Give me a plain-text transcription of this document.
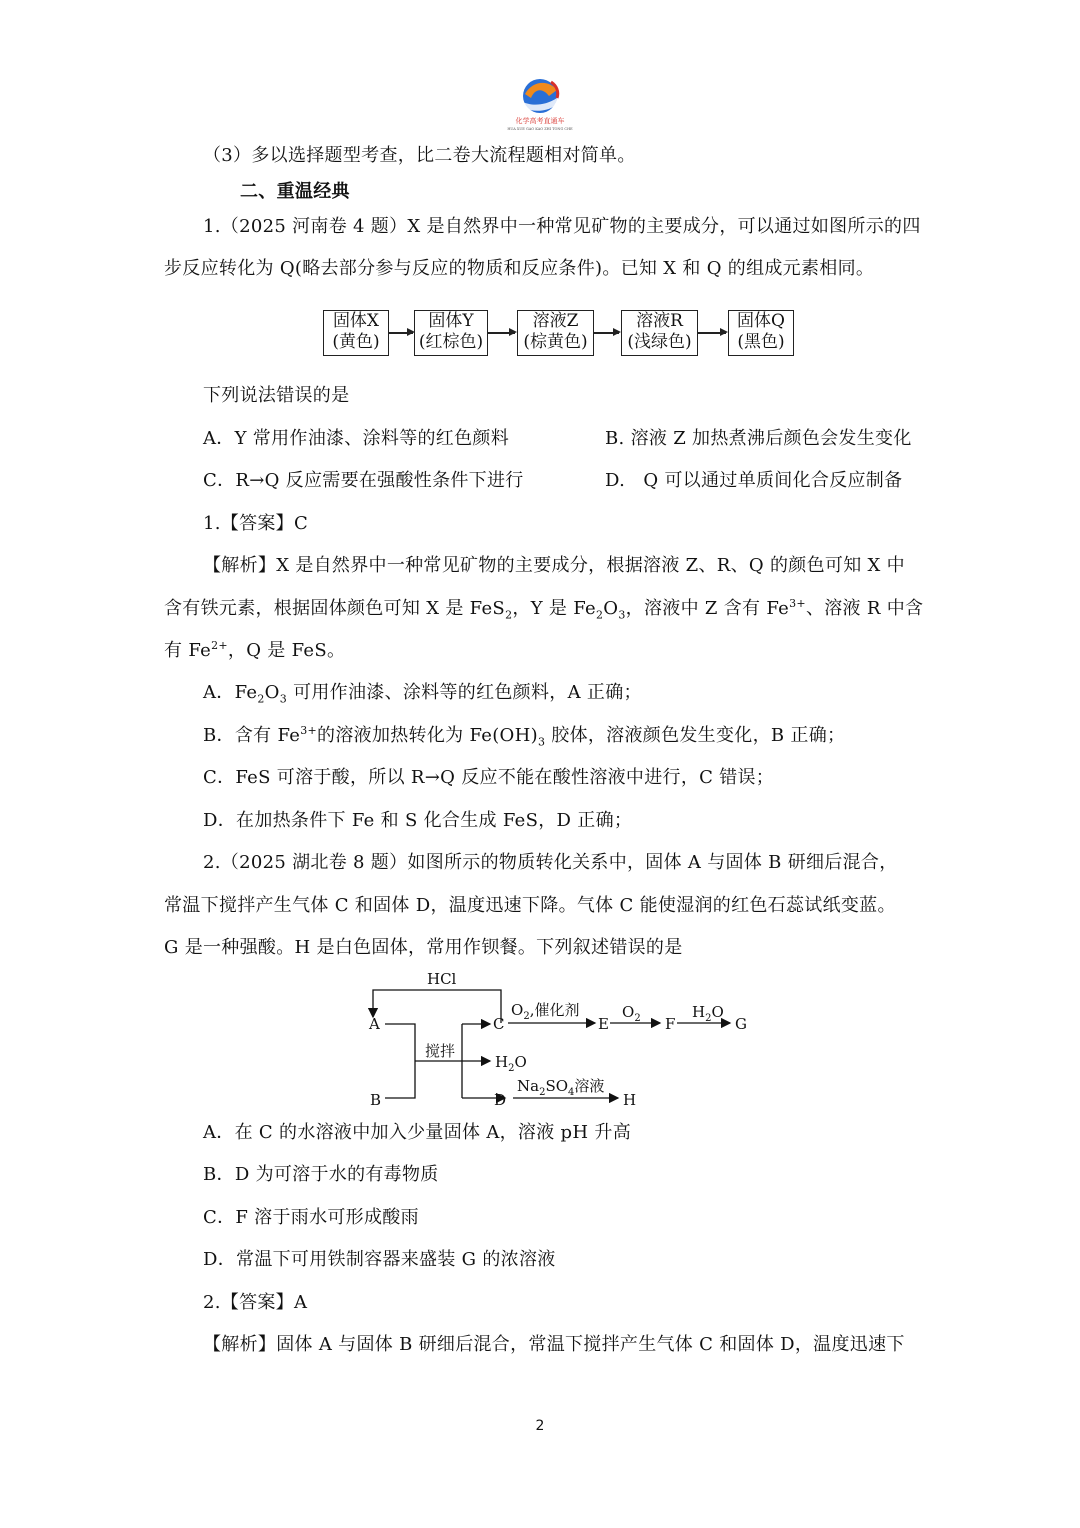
化学高考直通车
HUA XUE GAO KAO ZHI TONG CHE
（3）多以选择题型考查，比二卷大流程题相对简单。
二、重温经典
1.（2025 河南卷 4 题）X 是自然界中一种常见矿物的主要成分，可以通过如图所示的四
步反应转化为 Q(略去部分参与反应的物质和反应条件)。已知 X 和 Q 的组成元素相同。
固体X
(黄色)
固体Y
(红棕色)
溶液Z
(棕黄色)
溶液R
(浅绿色)
固体Q
(黑色)
下列说法错误的是
A．Y 常用作油漆、涂料等的红色颜料	B. 溶液 Z 加热煮沸后颜色会发生变化
C．R→Q 反应需要在强酸性条件下进行	D.　Q 可以通过单质间化合反应制备
1.【答案】C
【解析】X 是自然界中一种常见矿物的主要成分，根据溶液 Z、R、Q 的颜色可知 X 中
含有铁元素，根据固体颜色可知 X 是 FeS$_2$，Y 是 $Fe_2O_3$，溶液中 Z 含有 $Fe^{3+}$、溶液 R 中含
有 $Fe^{2+}$，Q 是 FeS。
A．$Fe_2O_3$ 可用作油漆、涂料等的红色颜料，A 正确；
B．含有 $Fe^{3+}$的溶液加热转化为 $Fe(OH)_3$ 胶体，溶液颜色发生变化，B 正确；
C．FeS 可溶于酸，所以 R→Q 反应不能在酸性溶液中进行，C 错误；
D．在加热条件下 Fe 和 S 化合生成 FeS，D 正确；
2.（2025 湖北卷 8 题）如图所示的物质转化关系中，固体 A 与固体 B 研细后混合，
常温下搅拌产生气体 C 和固体 D，温度迅速下降。气体 C 能使湿润的红色石蕊试纸变蓝。
G 是一种强酸。H 是白色固体，常用作钡餐。下列叙述错误的是
HCl
A
B
C
D
E	F	G
H
搅拌
$H_2O$
$O_2$,催化剂	$O_2$	$H_2O$
$Na_2SO_4$溶液
A．在 C 的水溶液中加入少量固体 A，溶液 pH 升高
B．D 为可溶于水的有毒物质
C．F 溶于雨水可形成酸雨
D．常温下可用铁制容器来盛装 G 的浓溶液
2.【答案】A
【解析】固体 A 与固体 B 研细后混合，常温下搅拌产生气体 C 和固体 D，温度迅速下
2
